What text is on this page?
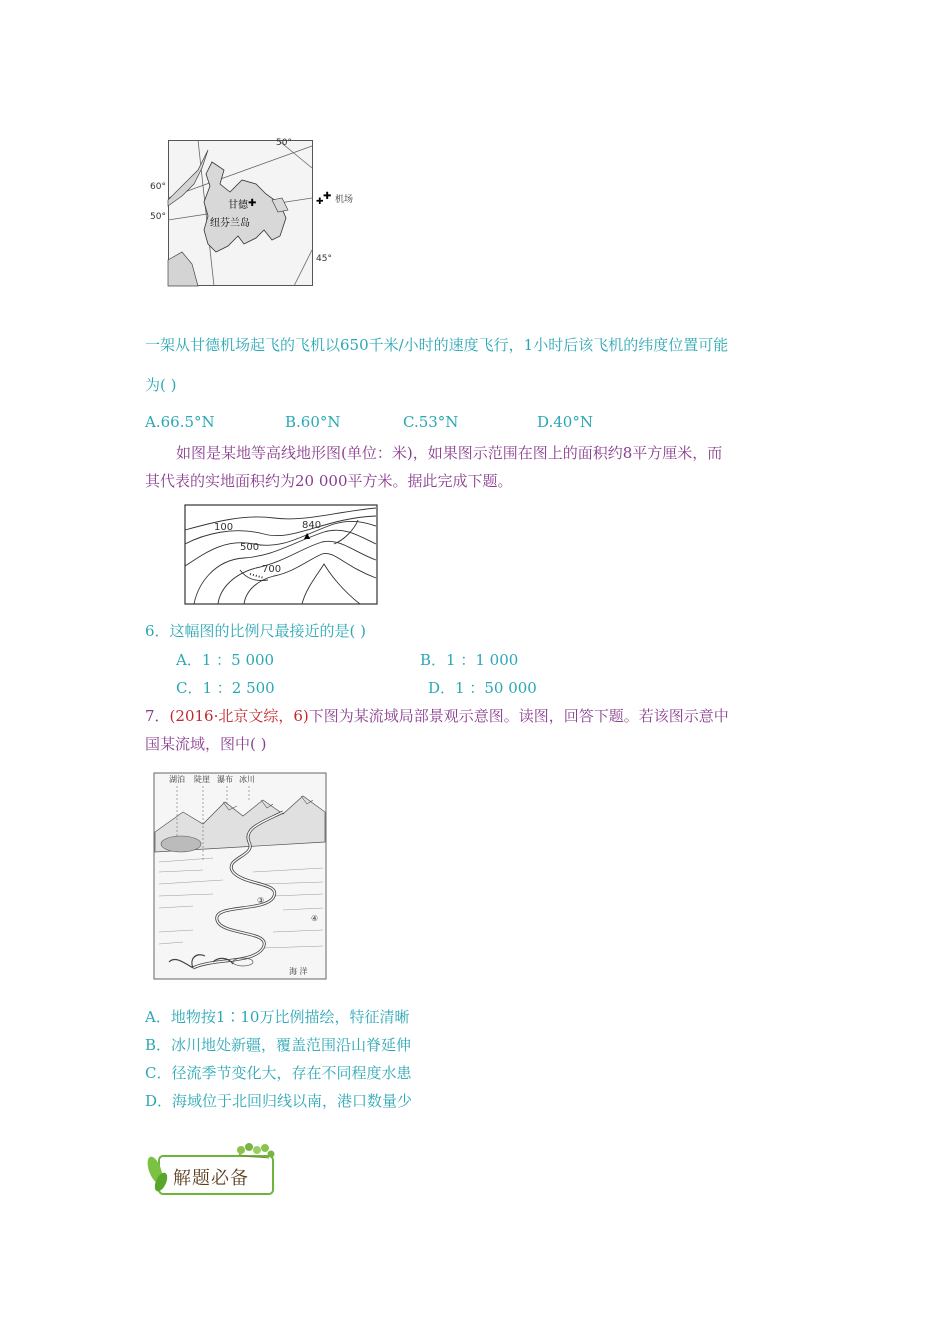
✚	✚
50°
60°
50°
甘德
纽芬兰岛
45°
✚ 机场
一架从甘德机场起飞的飞机以650千米/小时的速度飞行，1小时后该飞机的纬度位置可能
为( )
A.66.5°N	B.60°N	C.53°N	D.40°N
如图是某地等高线地形图(单位：米)，如果图示范围在图上的面积约8平方厘米，而
其代表的实地面积约为20 000平方米。据此完成下题。
▲
100	840
500
700
6．这幅图的比例尺最接近的是( )
A．1 ：5 000	B．1 ：1 000
C．1 ：2 500	D．1 ：50 000
7．(2016·北京文综，6)下图为某流域局部景观示意图。读图，回答下题。若该图示意中
国某流域，图中( )
湖泊 陡崖 瀑布 冰川
③
④
海 洋
A．地物按1∶10万比例描绘，特征清晰
B．冰川地处新疆，覆盖范围沿山脊延伸
C．径流季节变化大，存在不同程度水患
D．海域位于北回归线以南，港口数量少
解题必备
